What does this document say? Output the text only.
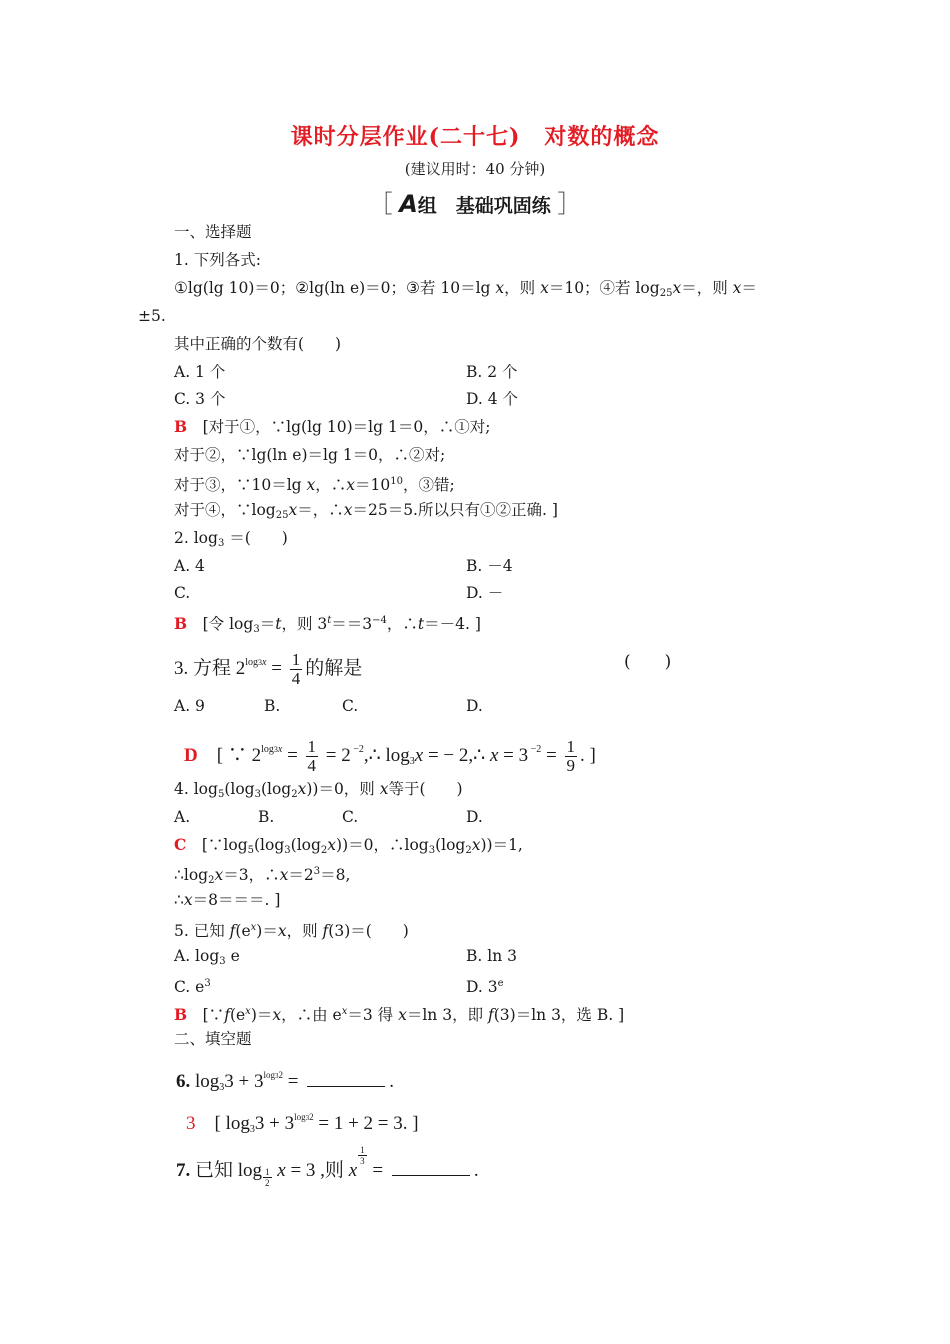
课时分层作业(二十七) 对数的概念
(建议用时：40 分钟)
［ A组　基础巩固练 ］
一、选择题
1. 下列各式:
①lg(lg 10)＝0；②lg(ln e)＝0；③若 10＝lg x，则 x＝10；④若 $\log_{25}x=$，则 x＝
±5.
其中正确的个数有(　　)
A. 1 个	B. 2 个
C. 3 个	D. 4 个
B　 [对于①，∵lg(lg 10)＝lg 1＝0，∴①对;
对于②，∵lg(ln e)＝lg 1＝0，∴②对;
对于③，∵10＝lg x，$\therefore x=10^{10}$，③错;
对于④，$\because\log_{25}x=$，∴x＝25＝5.所以只有①②正确. ]
2. $\log_3$ ＝(　　)
A. 4	B. －4
C.	D. －
B　 [令 $\log_3=t$，则 $3^t==3^{-4}$，∴t＝－4. ]
3. 方程 $2^{log3x} = \frac{1}{4}$ 的解是	(　　)
A. 9	B.	C.	D.
D　 [ ∵ $2^{log3x} = \frac{1}{4} = 2$ $^{-2}$,∴ $\log_3x$ = − 2,∴ x = 3 $^{-2} = \frac{1}{9}$ . ]
4. $\log_5(\log_3(\log_2x))=0$，则 x等于(　　)
A.	B.	C.	D.
C　 [$\because\log_5(\log_3(\log_2x))=0$，$\therefore\log_3(\log_2x))=1$,
$\therefore\log_2x=3$，$\therefore x=2^3=8$,
∴x＝8＝＝＝. ]
5. 已知 $f(e^x)=x$，则 f(3)＝(　　)
A. $\log_3 e$	B. ln 3
C. $e^3$	D. 3e
B　 [$\because f(e^x)=x$，∴由 $e^x=3$ 得 x＝ln 3，即 f(3)＝ln 3，选 B. ]
二、填空题
6. $\log_33 + 3^{log32}$ =	.
3　 [ $\log_33 + 3^{log32} = 1 + 2 = 3$. ]
7. 已知 $\log \frac{1}{2}$ x = 3 ,则 x
$\frac{1}{3}$
=	.
